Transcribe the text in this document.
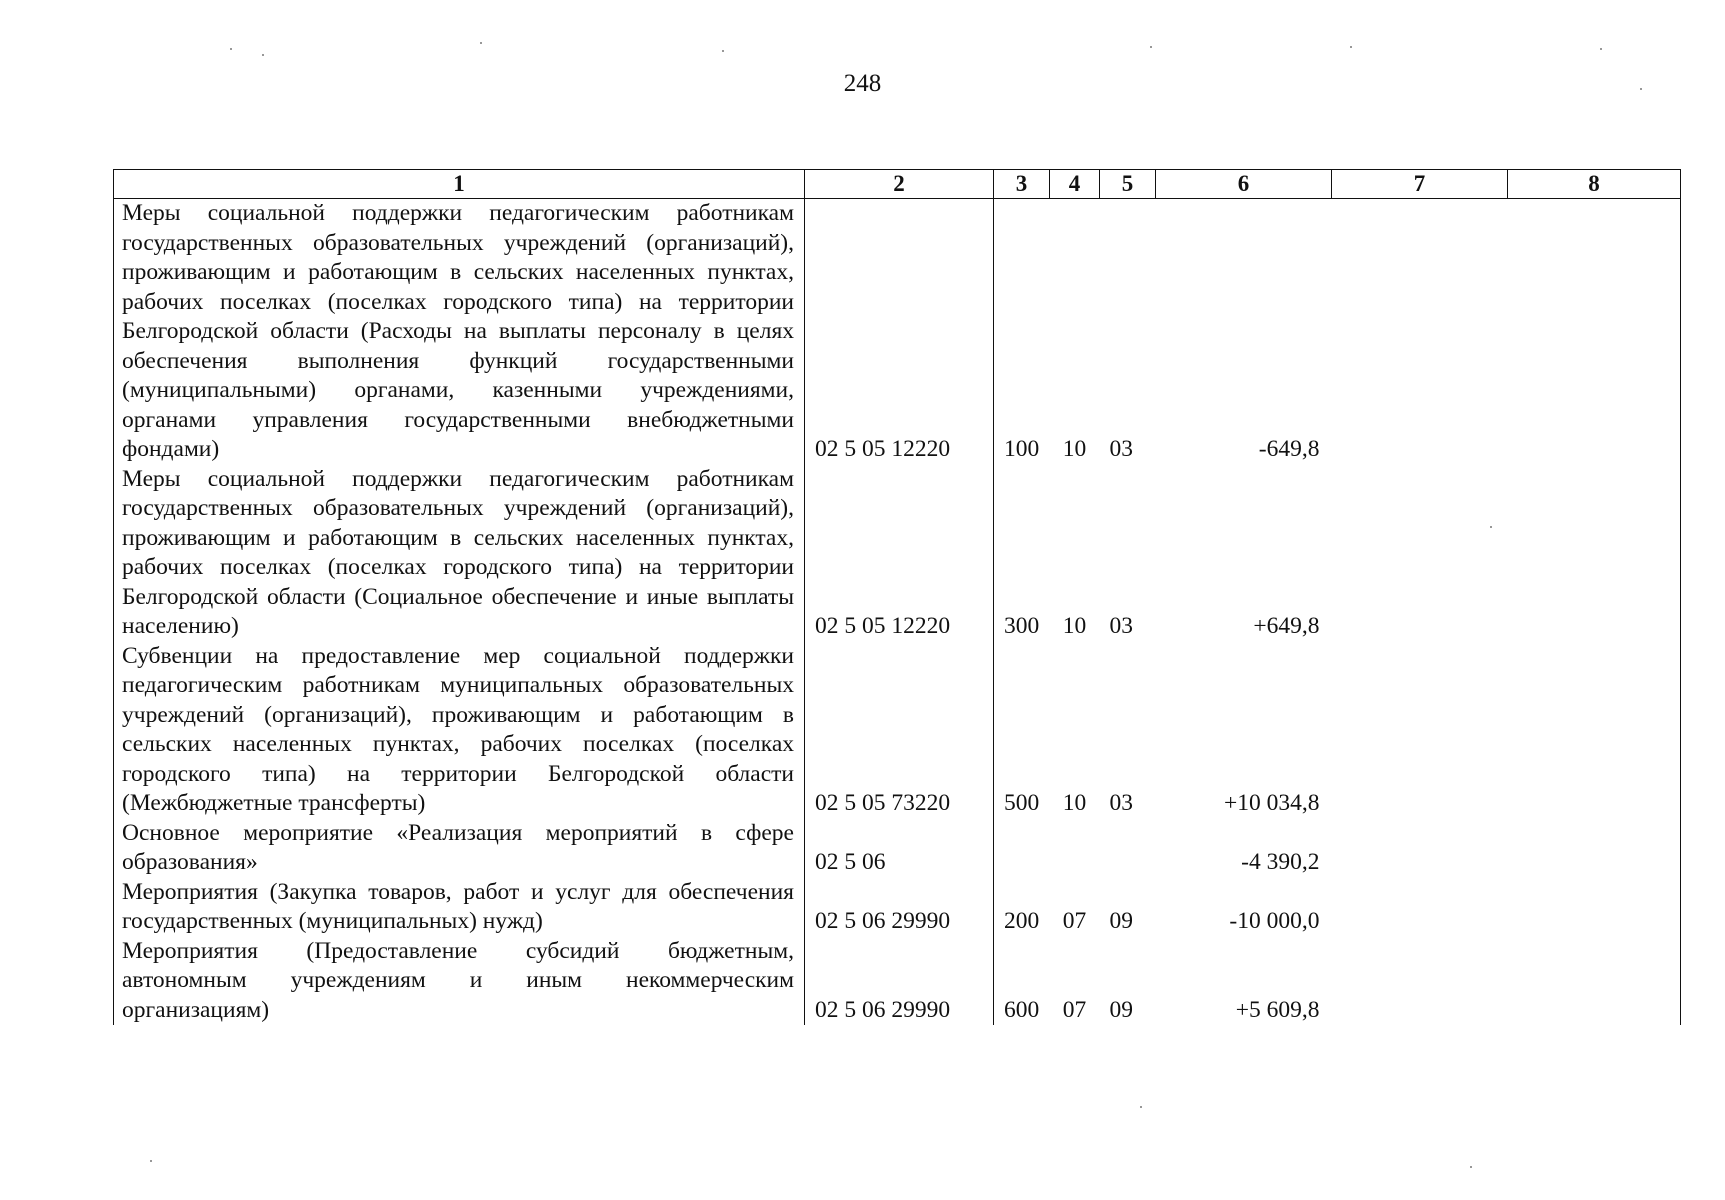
248
1	2	3	4	5	6	7	8
Меры социальной поддержки педагогическим работникам государственных образовательных учреждений (организаций), проживающим и работающим в сельских населенных пунктах, рабочих поселках (поселках городского типа) на территории Белгородской области (Расходы на выплаты персоналу в целях обеспечения выполнения функций государственными (муниципальными) органами, казенными учреждениями, органами управления государственными внебюджетными фондами)	02 5 05 12220	100	10	03	-649,8		
Меры социальной поддержки педагогическим работникам государственных образовательных учреждений (организаций), проживающим и работающим в сельских населенных пунктах, рабочих поселках (поселках городского типа) на территории Белгородской области (Социальное обеспечение и иные выплаты населению)	02 5 05 12220	300	10	03	+649,8		
Субвенции на предоставление мер социальной поддержки педагогическим работникам муниципальных образовательных учреждений (организаций), проживающим и работающим в сельских населенных пунктах, рабочих поселках (поселках городского типа) на территории Белгородской области (Межбюджетные трансферты)	02 5 05 73220	500	10	03	+10 034,8		
Основное мероприятие «Реализация мероприятий в сфере образования»	02 5 06				-4 390,2		
Мероприятия (Закупка товаров, работ и услуг для обеспечения государственных (муниципальных) нужд)	02 5 06 29990	200	07	09	-10 000,0		
Мероприятия (Предоставление субсидий бюджетным, автономным учреждениям и иным некоммерческим организациям)	02 5 06 29990	600	07	09	+5 609,8		
